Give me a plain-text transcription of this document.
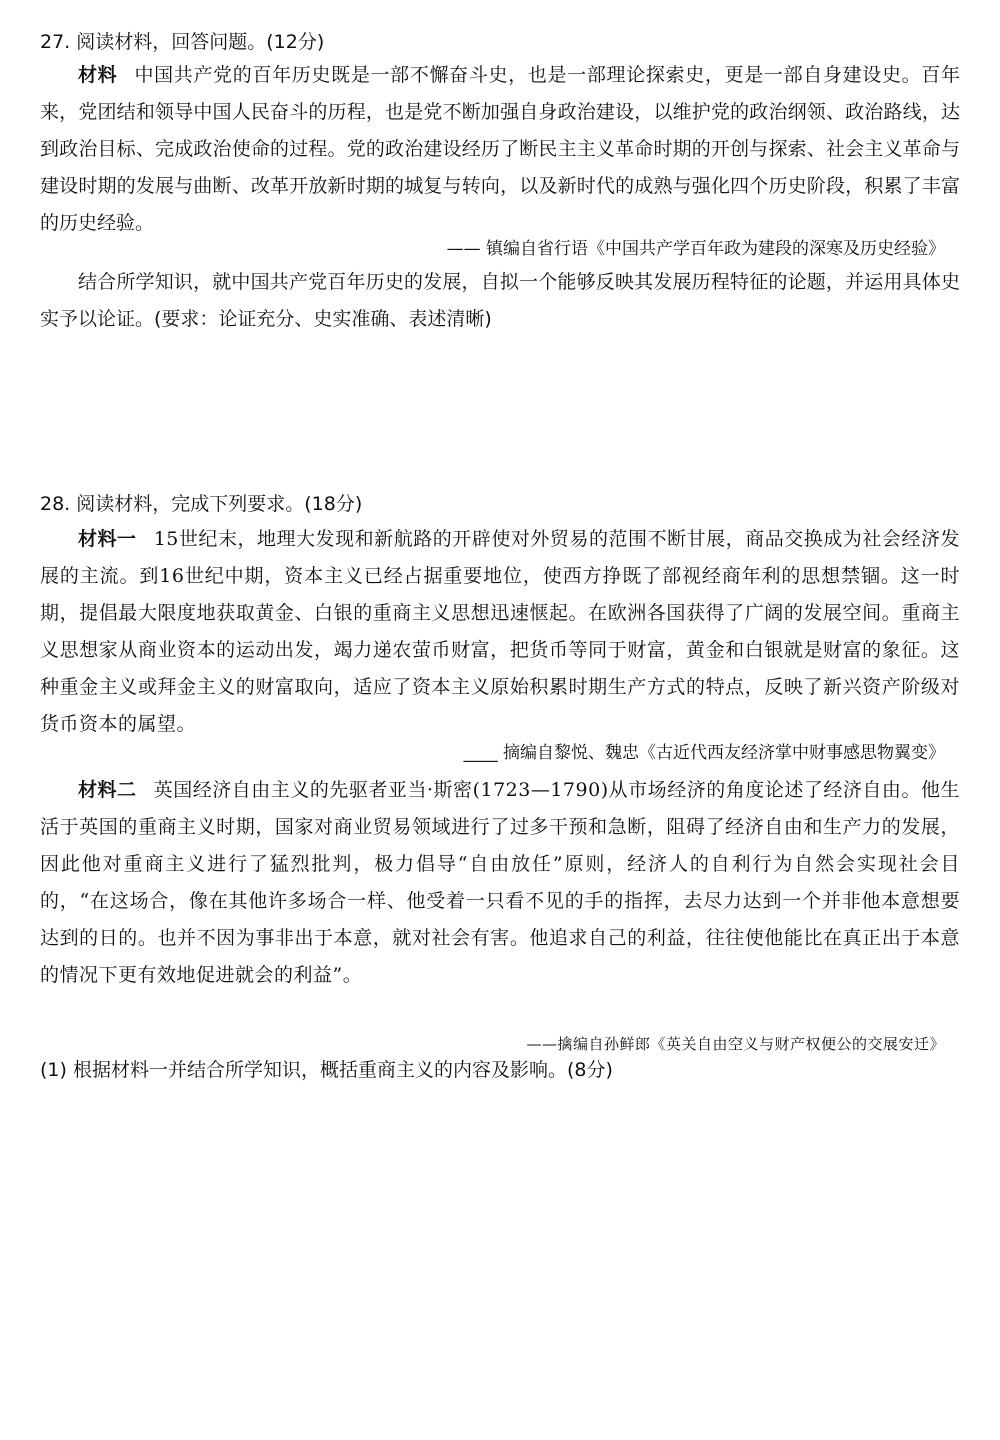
27. 阅读材料，回答问题。(12分)
材料 中国共产党的百年历史既是一部不懈奋斗史，也是一部理论探索史，更是一部自身建设史。百年来，党团结和领导中国人民奋斗的历程，也是党不断加强自身政治建设，以维护党的政治纲领、政治路线，达到政治目标、完成政治使命的过程。党的政治建设经历了断民主主义革命时期的开创与探索、社会主义革命与建设时期的发展与曲断、改革开放新时期的城复与转向，以及新时代的成熟与强化四个历史阶段，积累了丰富的历史经验。
—— 镇编自省行语《中国共产学百年政为建段的深寒及历史经验》
结合所学知识，就中国共产党百年历史的发展，自拟一个能够反映其发展历程特征的论题，并运用具体史实予以论证。(要求：论证充分、史实准确、表述清晰)
28. 阅读材料，完成下列要求。(18分)
材料一 15世纪末，地理大发现和新航路的开辟使对外贸易的范围不断甘展，商品交换成为社会经济发展的主流。到16世纪中期，资本主义已经占据重要地位，使西方挣既了部视经商年利的思想禁锢。这一时期，提倡最大限度地获取黄金、白银的重商主义思想迅速惬起。在欧洲各国获得了广阔的发展空间。重商主义思想家从商业资本的运动出发，竭力递农萤币财富，把货币等同于财富，黄金和白银就是财富的象征。这种重金主义或拜金主义的财富取向，适应了资本主义原始积累时期生产方式的特点，反映了新兴资产阶级对货币资本的属望。
____ 摘编自黎悦、魏忠《古近代西友经济掌中财事感思物翼变》
材料二 英国经济自由主义的先驱者亚当·斯密(1723—1790)从市场经济的角度论述了经济自由。他生活于英国的重商主义时期，国家对商业贸易领域进行了过多干预和急断，阻碍了经济自由和生产力的发展，因此他对重商主义进行了猛烈批判，极力倡导“自由放任”原则，经济人的自利行为自然会实现社会目的，“在这场合，像在其他许多场合一样、他受着一只看不见的手的指挥，去尽力达到一个并非他本意想要达到的日的。也并不因为事非出于本意，就对社会有害。他追求自己的利益，往往使他能比在真正出于本意的情况下更有效地促进就会的利益”。
——擒编自孙鲜郎《英关自由空义与财产权便公的交展安迁》
(1) 根据材料一并结合所学知识，概括重商主义的内容及影响。(8分)
